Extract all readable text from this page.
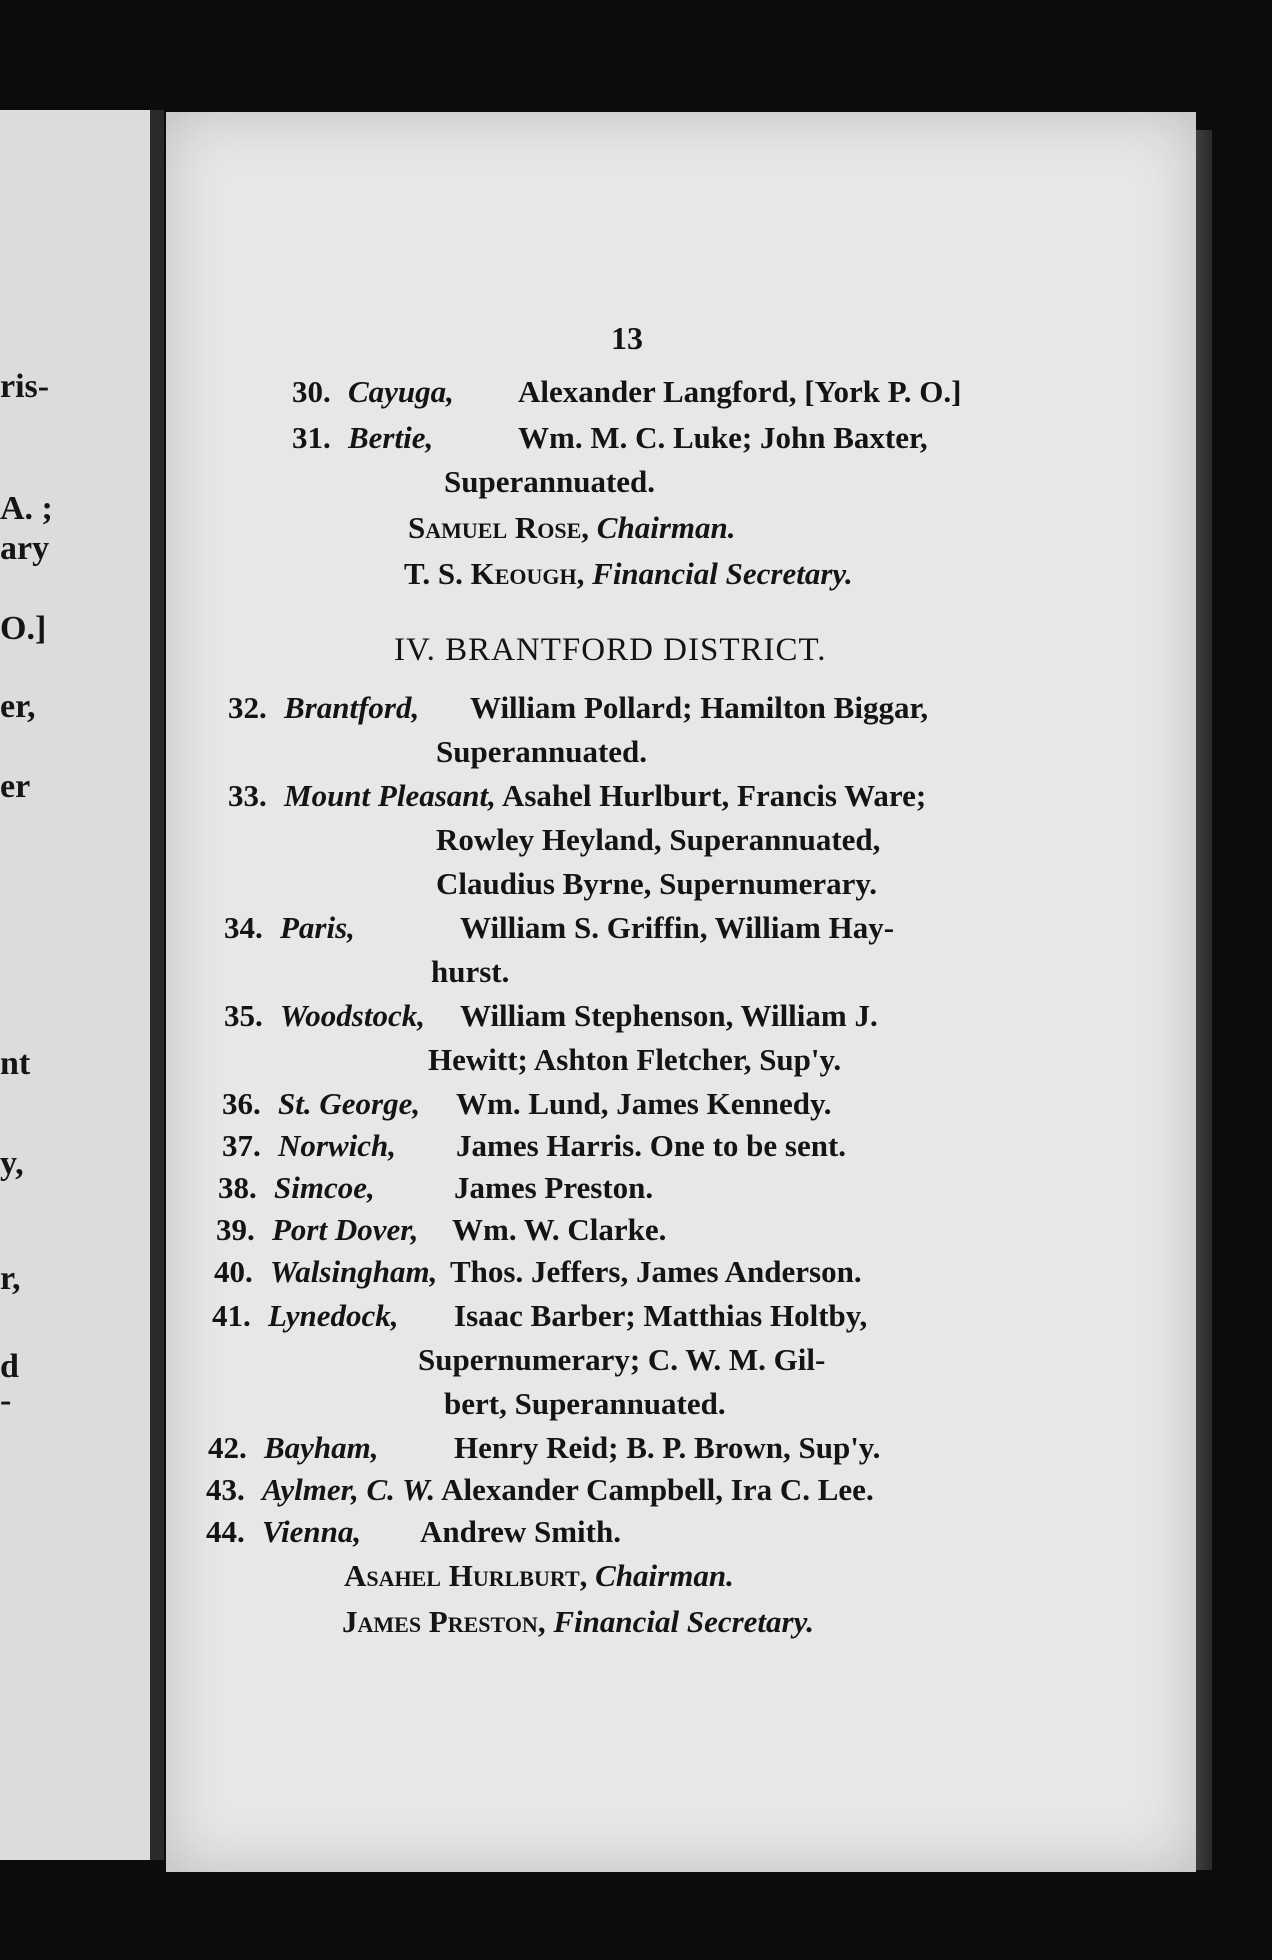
ris-
A. ;
ary
O.]
er,
er
nt
y,
r,
d
-
13
30. Cayuga, Alexander Langford, [York P. O.]
31. Bertie,	Wm. M. C. Luke; John Baxter,
Superannuated.
Samuel Rose, Chairman.
T. S. Keough, Financial Secretary.
IV. BRANTFORD DISTRICT.
32. Brantford, William Pollard; Hamilton Biggar,
Superannuated.
33. Mount Pleasant, Asahel Hurlburt, Francis Ware;
Rowley Heyland, Superannuated,
Claudius Byrne, Supernumerary.
34. Paris,	William S. Griffin, William Hay-
hurst.
35. Woodstock, William Stephenson, William J.
Hewitt; Ashton Fletcher, Sup'y.
36. St. George, Wm. Lund, James Kennedy.
37. Norwich, James Harris. One to be sent.
38. Simcoe,	James Preston.
39. Port Dover, Wm. W. Clarke.
40. Walsingham, Thos. Jeffers, James Anderson.
41. Lynedock, Isaac Barber; Matthias Holtby,
Supernumerary; C. W. M. Gil-
bert, Superannuated.
42. Bayham, Henry Reid; B. P. Brown, Sup'y.
43. Aylmer, C. W. Alexander Campbell, Ira C. Lee.
44. Vienna, Andrew Smith.
Asahel Hurlburt, Chairman.
James Preston, Financial Secretary.
